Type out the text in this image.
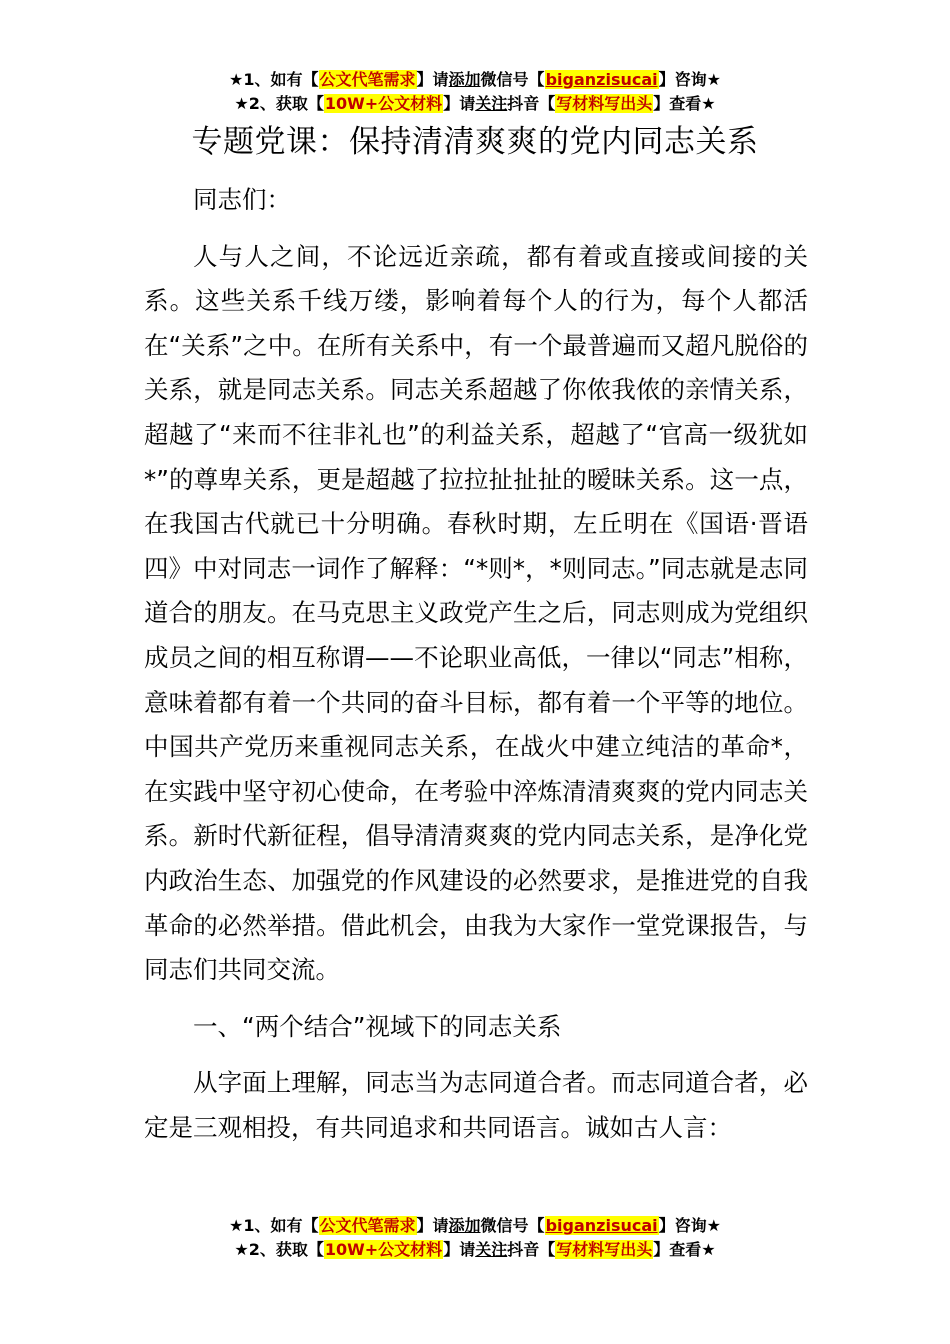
★1、如有【公文代笔需求】请添加微信号【biganzisucai】咨询★
★2、获取【10W+公文材料】请关注抖音【写材料写出头】查看★
专题党课：保持清清爽爽的党内同志关系

同志们：

人与人之间，不论远近亲疏，都有着或直接或间接的关系。这些关系千线万缕，影响着每个人的行为，每个人都活在“关系”之中。在所有关系中，有一个最普遍而又超凡脱俗的关系，就是同志关系。同志关系超越了你侬我侬的亲情关系，超越了“来而不往非礼也”的利益关系，超越了“官高一级犹如*”的尊卑关系，更是超越了拉拉扯扯扯的暧昧关系。这一点，在我国古代就已十分明确。春秋时期，左丘明在《国语·晋语四》中对同志一词作了解释：“*则*，*则同志。”同志就是志同道合的朋友。在马克思主义政党产生之后，同志则成为党组织成员之间的相互称谓——不论职业高低，一律以“同志”相称，意味着都有着一个共同的奋斗目标，都有着一个平等的地位。中国共产党历来重视同志关系，在战火中建立纯洁的革命*，在实践中坚守初心使命，在考验中淬炼清清爽爽的党内同志关系。新时代新征程，倡导清清爽爽的党内同志关系，是净化党内政治生态、加强党的作风建设的必然要求，是推进党的自我革命的必然举措。借此机会，由我为大家作一堂党课报告，与同志们共同交流。

一、“两个结合”视域下的同志关系

从字面上理解，同志当为志同道合者。而志同道合者，必定是三观相投，有共同追求和共同语言。诚如古人言：

★1、如有【公文代笔需求】请添加微信号【biganzisucai】咨询★
★2、获取【10W+公文材料】请关注抖音【写材料写出头】查看★
